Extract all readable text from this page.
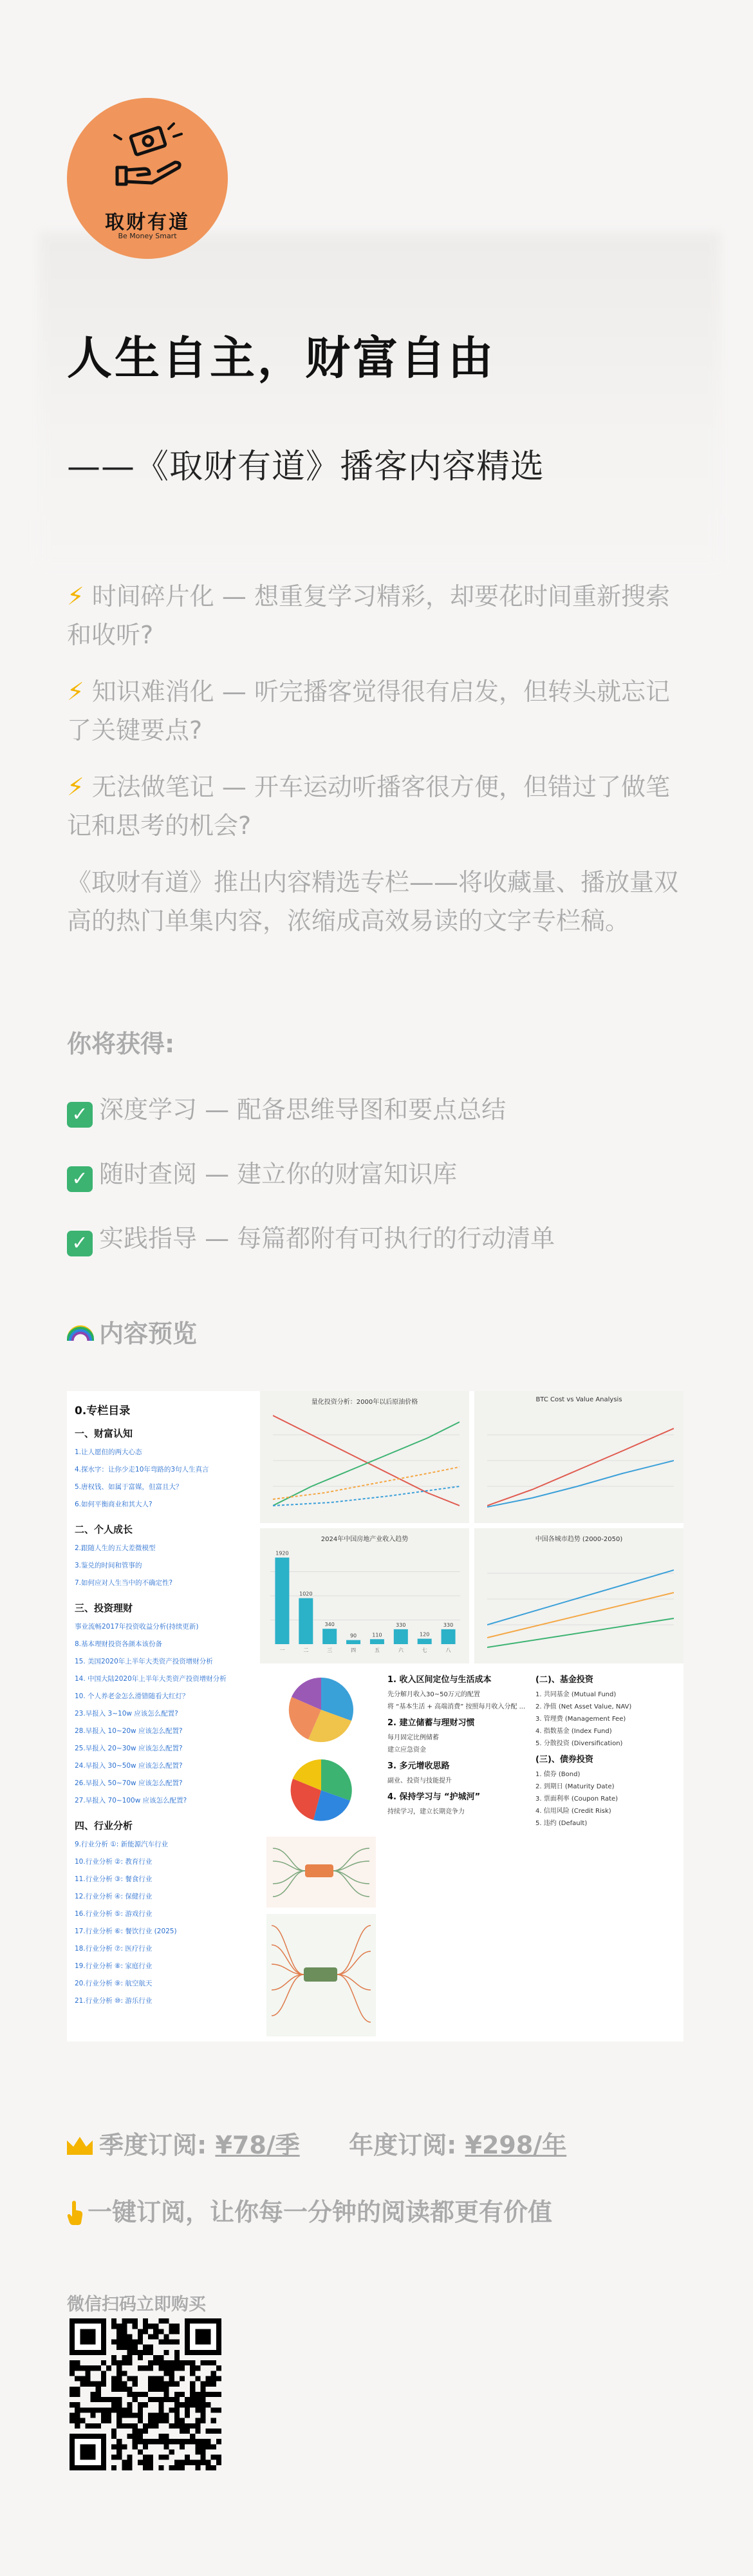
取财有道
Be Money Smart
人生自主，财富自由
——《取财有道》播客内容精选
⚡ 时间碎片化 — 想重复学习精彩，却要花时间重新搜索和收听?
⚡ 知识难消化 — 听完播客觉得很有启发，但转头就忘记了关键要点?
⚡ 无法做笔记 — 开车运动听播客很方便，但错过了做笔记和思考的机会?
《取财有道》推出内容精选专栏——将收藏量、播放量双高的热门单集内容，浓缩成高效易读的文字专栏稿。
你将获得:
✓ 深度学习 — 配备思维导图和要点总结
✓ 随时查阅 — 建立你的财富知识库
✓ 实践指导 — 每篇都附有可执行的行动清单
内容预览
0.专栏目录
一、财富认知
1.让人愿但的两大心态
4.探水字：让你少走10年弯路的3句人生真言
5.唐权钱、如属于富媒，但富且大？
6.如何平衡商业和其大人?
二、个人成长
2.跟随人生的五大差微模型
3.鉴兑的时间和管事的
7.如何应对人生当中的不确定性?
三、投资理财
事业流畅2017年投资收益分析(持续更新)
8.基本理财投资各颜本该份备
15. 美国2020年上半年大类资产投资增财分析
14. 中国大陆2020年上半年大类资产投资增财分析
10. 个人养老金怎么滑错随看大红灯？
23.早报入 3~10w 应该怎么配置?
28.早报入 10~20w 应该怎么配置?
25.早报入 20~30w 应该怎么配置?
24.早报入 30~50w 应该怎么配置?
26.早报入 50~70w 应该怎么配置?
27.早报入 70~100w 应该怎么配置?
四、行业分析
9.行业分析 ①: 新能源汽车行业
10.行业分析 ②: 教育行业
11.行业分析 ③: 餐食行业
12.行业分析 ④: 保健行业
16.行业分析 ⑤: 游戏行业
17.行业分析 ⑥: 餐饮行业 (2025)
18.行业分析 ⑦: 医疗行业
19.行业分析 ⑧: 家庭行业
20.行业分析 ⑨: 航空航天
21.行业分析 ⑩: 游乐行业
量化投资分析：2000年以后原油价格	BTC Cost vs Value Analysis
2024年中国房地产业收入趋势
1920
一
1020
二
340
三
90
四
110
五
330
六
120
七
330
八
中国各城市趋势 (2000-2050)
1. 收入区间定位与生活成本
先分解月收入30~50万元的配置
将 “基本生活 + 高端消费” 按照每月收入分配 ...
2. 建立储蓄与理财习惯
每月固定比例储蓄
建立应急资金
3. 多元增收思路
副业、投资与技能提升
4. 保持学习与 “护城河”
持续学习，建立长期竞争力
(二)、基金投资
1. 共同基金 (Mutual Fund)
2. 净值 (Net Asset Value, NAV)
3. 管理费 (Management Fee)
4. 指数基金 (Index Fund)
5. 分散投资 (Diversification)
(三)、债券投资
1. 债券 (Bond)
2. 到期日 (Maturity Date)
3. 票面利率 (Coupon Rate)
4. 信用风险 (Credit Risk)
5. 违约 (Default)
季度订阅: ¥78/季 年度订阅: ¥298/年
一键订阅，让你每一分钟的阅读都更有价值
微信扫码立即购买
